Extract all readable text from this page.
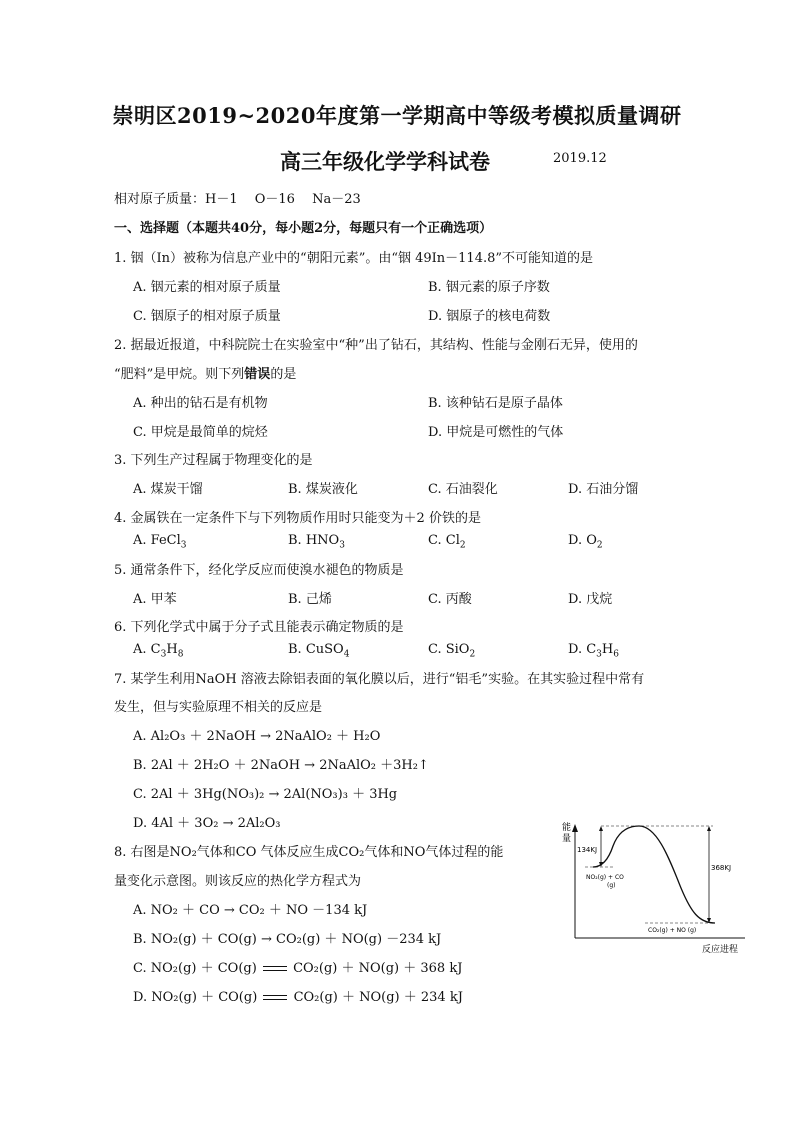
崇明区2019~2020年度第一学期高中等级考模拟质量调研
高三年级化学学科试卷	2019.12
相对原子质量：H－1　 O－16　 Na－23
一、选择题（本题共40分，每小题2分，每题只有一个正确选项）
1. 铟（In）被称为信息产业中的“朝阳元素”。由“铟 49In－114.8”不可能知道的是
A. 铟元素的相对原子质量	B. 铟元素的原子序数
C. 铟原子的相对原子质量	D. 铟原子的核电荷数
2. 据最近报道，中科院院士在实验室中“种”出了钻石，其结构、性能与金刚石无异，使用的
“肥料”是甲烷。则下列错误的是
A. 种出的钻石是有机物	B. 该种钻石是原子晶体
C. 甲烷是最简单的烷烃	D. 甲烷是可燃性的气体
3. 下列生产过程属于物理变化的是
A. 煤炭干馏	B. 煤炭液化	C. 石油裂化	D. 石油分馏
4. 金属铁在一定条件下与下列物质作用时只能变为＋2 价铁的是
A. FeCl$_3$	B. $HNO_3$	C. $Cl_2$	D. $O_2$
5. 通常条件下，经化学反应而使溴水褪色的物质是
A. 甲苯	B. 己烯	C. 丙酸	D. 戊烷
6. 下列化学式中属于分子式且能表示确定物质的是
A. $C_3H_8$	B. CuSO$_4$	C. SiO$_2$	D. $C_3H_6$
7. 某学生利用NaOH 溶液去除铝表面的氧化膜以后，进行“铝毛”实验。在其实验过程中常有
发生，但与实验原理不相关的反应是
A. Al₂O₃ ＋ 2NaOH → 2NaAlO₂ ＋ H₂O
B. 2Al ＋ 2H₂O ＋ 2NaOH → 2NaAlO₂ ＋3H₂↑
C. 2Al ＋ 3Hg(NO₃)₂ → 2Al(NO₃)₃ ＋ 3Hg
D. 4Al ＋ 3O₂ → 2Al₂O₃
8. 右图是NO₂气体和CO 气体反应生成CO₂气体和NO气体过程的能
量变化示意图。则该反应的热化学方程式为
A. NO₂ ＋ CO → CO₂ ＋ NO －134 kJ
B. NO₂(g) ＋ CO(g) → CO₂(g) ＋ NO(g) －234 kJ
C. NO₂(g) ＋ CO(g)	CO₂(g) ＋ NO(g) ＋ 368 kJ
D. NO₂(g) ＋ CO(g)	CO₂(g) ＋ NO(g) ＋ 234 kJ
能
量
反应进程
134KJ
368KJ
NO₂(g) + CO
(g)
CO₂(g) + NO (g)
